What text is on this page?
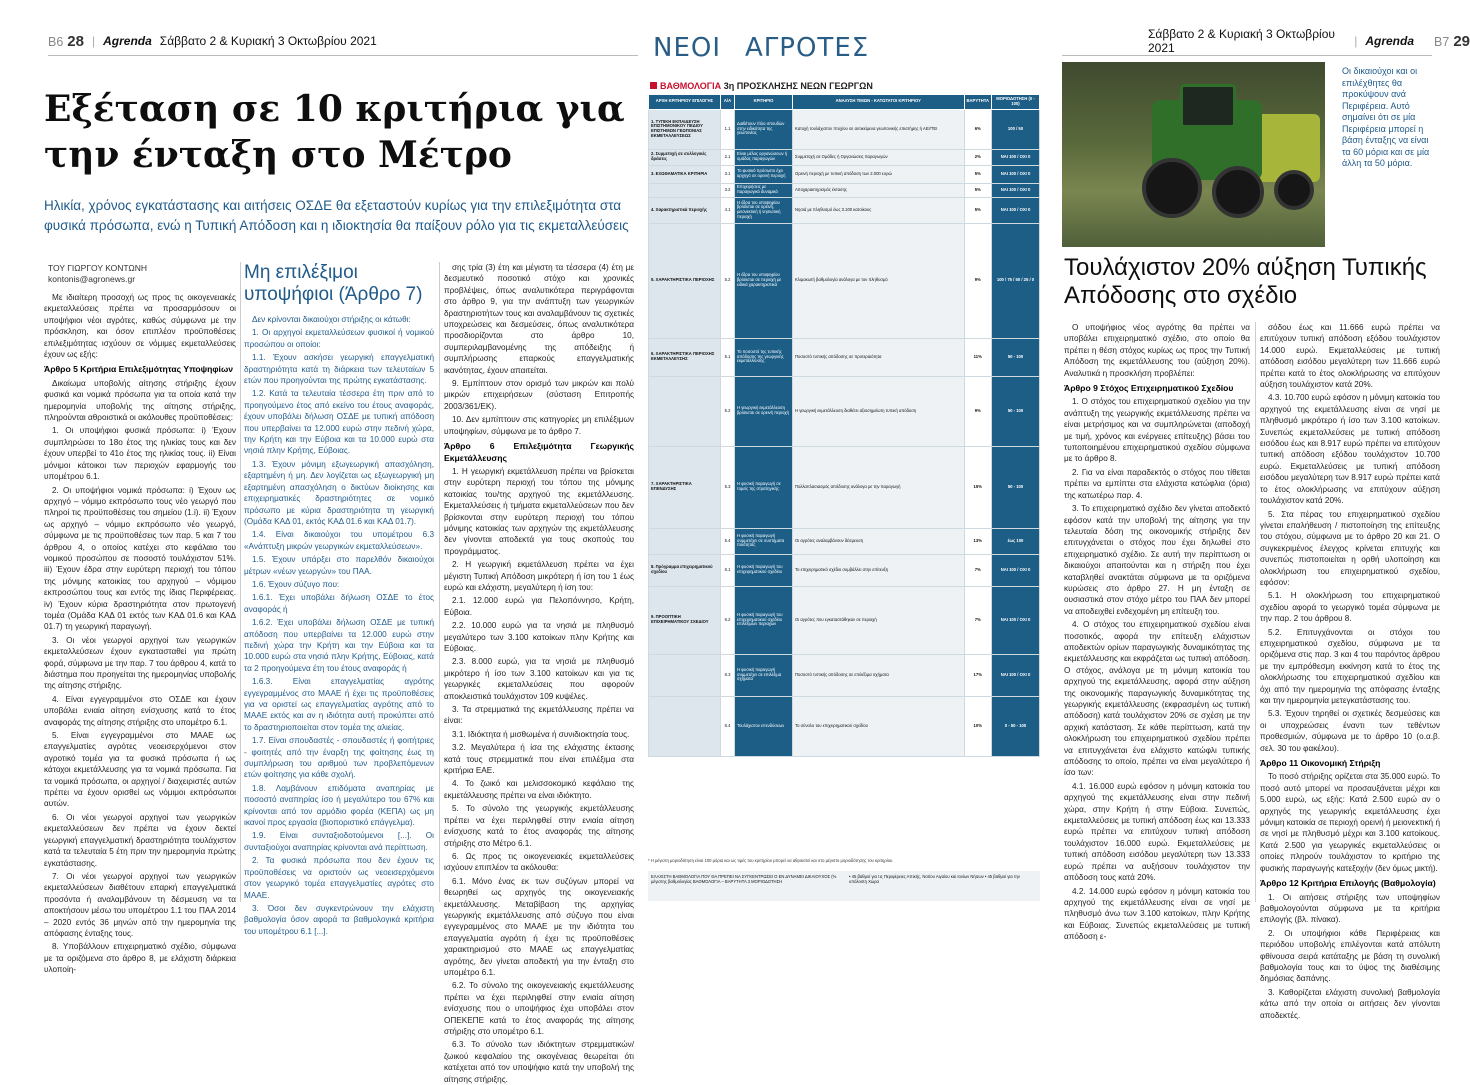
B6 28 | Agrenda Σάββατο 2 & Κυριακή 3 Οκτωβρίου 2021
Εξέταση σε 10 κριτήρια για την ένταξη στο Μέτρο
Ηλικία, χρόνος εγκατάστασης και αιτήσεις ΟΣΔΕ θα εξεταστούν κυρίως για την επιλεξιμότητα στα φυσικά πρόσωπα, ενώ η Τυπική Απόδοση και η ιδιοκτησία θα παίξουν ρόλο για τις εκμεταλλεύσεις
ΤΟΥ ΓΙΩΡΓΟΥ ΚΟΝΤΩΝΗ
kontonis@agronews.gr

Με ιδιαίτερη προσοχή ως προς τις οικογενειακές εκμεταλλεύσεις πρέπει να προσαρμόσουν οι υποψήφιοι νέοι αγρότες, καθώς σύμφωνα με την πρόσκληση, και όσον επιπλέον προϋποθέσεις επιλεξιμότητας ισχύουν σε νόμιμες εκμεταλλεύσεις έχουν ως εξής:

Άρθρο 5 Κριτήρια Επιλεξιμότητας Υποψηφίων

Δικαίωμα υποβολής αίτησης στήριξης έχουν φυσικά και νομικά πρόσωπα για τα οποία κατά την ημερομηνία υποβολής της αίτησης στήριξης, πληρούνται αθροιστικά οι ακόλουθες προϋποθέσεις:

1. Οι υποψήφιοι φυσικά πρόσωπα: i) Έχουν συμπληρώσει το 18ο έτος της ηλικίας τους και δεν έχουν υπερβεί το 41ο έτος της ηλικίας τους. ii) Είναι μόνιμοι κάτοικοι των περιοχών εφαρμογής του υπομέτρου 6.1.

2. Οι υποψήφιοι νομικά πρόσωπα: i) Έχουν ως αρχηγό – νόμιμο εκπρόσωπο τους νέο γεωργό που πληροί τις προϋποθέσεις του σημείου (1.i). ii) Έχουν ως αρχηγό – νόμιμο εκπρόσωπο νέο γεωργό, σύμφωνα με τις προϋποθέσεις των παρ. 5 και 7 του άρθρου 4, ο οποίος κατέχει στο κεφάλαιο του νομικού προσώπου σε ποσοστό τουλάχιστον 51%. iii) Έχουν έδρα στην ευρύτερη περιοχή του τόπου της μόνιμης κατοικίας του αρχηγού – νόμιμου εκπροσώπου τους και εντός της ίδιας Περιφέρειας. iv) Έχουν κύρια δραστηριότητα στον πρωτογενή τομέα (Ομάδα ΚΑΔ 01 εκτός των ΚΑΔ 01.6 και ΚΑΔ 01.7) τη γεωργική παραγωγή.

3. Οι νέοι γεωργοί αρχηγοί των γεωργικών εκμεταλλεύσεων έχουν εγκατασταθεί για πρώτη φορά, σύμφωνα με την παρ. 7 του άρθρου 4, κατά το διάστημα που προηγείται της ημερομηνίας υποβολής της αίτησης στήριξης.

4. Είναι εγγεγραμμένοι στο ΟΣΔΕ και έχουν υποβάλει ενιαία αίτηση ενίσχυσης κατά το έτος αναφοράς της αίτησης στήριξης στο υπομέτρο 6.1.

5. Είναι εγγεγραμμένοι στο ΜΑΑΕ ως επαγγελματίες αγρότες νεοεισερχόμενοι στον αγροτικό τομέα για τα φυσικά πρόσωπα ή ως κάτοχοι εκμετάλλευσης για τα νομικά πρόσωπα. Για τα νομικά πρόσωπα, οι αρχηγοί / διαχειριστές αυτών πρέπει να έχουν ορισθεί ως νόμιμοι εκπρόσωποι αυτών.

6. Οι νέοι γεωργοί αρχηγοί των γεωργικών εκμεταλλεύσεων δεν πρέπει να έχουν δεκτεί γεωργική επαγγελματική δραστηριότητα τουλάχιστον κατά τα τελευταία 5 έτη πριν την ημερομηνία πρώτης εγκατάστασης.

7. Οι νέοι γεωργοί αρχηγοί των γεωργικών εκμεταλλεύσεων διαθέτουν επαρκή επαγγελματικά προσόντα ή αναλαμβάνουν τη δέσμευση να τα αποκτήσουν μέσω του υπομέτρου 1.1 του ΠΑΑ 2014 – 2020 εντός 36 μηνών από την ημερομηνία της απόφασης ένταξης τους.

8. Υποβάλλουν επιχειρηματικό σχέδιο, σύμφωνα με τα οριζόμενα στο άρθρο 8, με ελάχιστη διάρκεια υλοποίη-

Μη επιλέξιμοι υποψήφιοι (Άρθρο 7)

Δεν κρίνονται δικαιούχοι στήριξης οι κάτωθι:

1. Οι αρχηγοί εκμεταλλεύσεων φυσικοί ή νομικού προσώπου οι οποίοι:

1.1. Έχουν ασκήσει γεωργική επαγγελματική δραστηριότητα κατά τη διάρκεια των τελευταίων 5 ετών που προηγούνται της πρώτης εγκατάστασης.

1.2. Κατά τα τελευταία τέσσερα έτη πριν από το προηγούμενο έτος από εκείνο του έτους αναφοράς, έχουν υποβάλει δήλωση ΟΣΔΕ με τυπική απόδοση που υπερβαίνει τα 12.000 ευρώ στην πεδινή χώρα, την Κρήτη και την Εύβοια και τα 10.000 ευρώ στα νησιά πλην Κρήτης, Εύβοιας.

1.3. Έχουν μόνιμη εξωγεωργική απασχόληση, εξαρτημένη ή μη. Δεν λογίζεται ως εξωγεωργική μη εξαρτημένη απασχόληση ο δικτύων διοίκησης και επιχειρηματικές δραστηριότητες σε νομικό πρόσωπο με κύρια δραστηριότητα τη γεωργική (Ομάδα ΚΑΔ 01, εκτός ΚΑΔ 01.6 και ΚΑΔ 01.7).

1.4. Είναι δικαιούχοι του υπομέτρου 6.3 «Ανάπτυξη μικρών γεωργικών εκμεταλλεύσεων».

1.5. Έχουν υπάρξει στο παρελθόν δικαιούχοι μέτρων «νέων γεωργών» του ΠΑΑ.

1.6. Έχουν σύζυγο που:

1.6.1. Έχει υποβάλει δήλωση ΟΣΔΕ το έτος αναφοράς ή

1.6.2. Έχει υποβάλει δήλωση ΟΣΔΕ με τυπική απόδοση που υπερβαίνει τα 12.000 ευρώ στην πεδινή χώρα την Κρήτη και την Εύβοια και τα 10.000 ευρώ στα νησιά πλην Κρήτης, Εύβοιας, κατά τα 2 προηγούμενα έτη του έτους αναφοράς ή

1.6.3. Είναι επαγγελματίας αγρότης εγγεγραμμένος στο ΜΑΑΕ ή έχει τις προϋποθέσεις για να οριστεί ως επαγγελματίας αγρότης από το ΜΑΑΕ εκτός και αν η ιδιότητα αυτή προκύπτει από το δραστηριοποιείται στον τομέα της αλιείας.

1.7. Είναι σπουδαστές - σπουδαστές ή φοιτήτριες - φοιτητές από την έναρξη της φοίτησης έως τη συμπλήρωση του αριθμού των προβλεπόμενων ετών φοίτησης για κάθε σχολή.

1.8. Λαμβάνουν επιδόματα αναπηρίας με ποσοστό αναπηρίας ίσο ή μεγαλύτερο του 67% και κρίνονται από τον αρμόδιο φορέα (ΚΕΠΑ) ως μη ικανοί προς εργασία (βιοποριστικό επάγγελμα).

1.9. Είναι συνταξιοδοτούμενοι [...]. Οι συνταξιούχοι αναπηρίας κρίνονται ανά περίπτωση.

2. Τα φυσικά πρόσωπα που δεν έχουν τις προϋποθέσεις να οριστούν ως νεοεισερχόμενοι στον γεωργικό τομέα επαγγελματίες αγρότες στο ΜΑΑΕ.

3. Όσοι δεν συγκεντρώνουν την ελάχιστη βαθμολογία όσον αφορά τα βαθμολογικά κριτήρια του υπομέτρου 6.1 [...].

σης τρία (3) έτη και μέγιστη τα τέσσερα (4) έτη με δεσμευτικό ποσοτικό στόχο και χρονικές προβλέψεις, όπως αναλυτικότερα περιγράφονται στο άρθρο 9, για την ανάπτυξη των γεωργικών δραστηριοτήτων τους και αναλαμβάνουν τις σχετικές υποχρεώσεις και δεσμεύσεις, όπως αναλυτικότερα προσδιορίζονται στο άρθρο 10, συμπεριλαμβανομένης της απόδειξης ή συμπλήρωσης επαρκούς επαγγελματικής ικανότητας, έχουν απαιτείται.

9. Εμπίπτουν στον ορισμό των μικρών και πολύ μικρών επιχειρήσεων (σύσταση Επιτροπής 2003/361/ΕΚ).

10. Δεν εμπίπτουν στις κατηγορίες μη επιλέξιμων υποψηφίων, σύμφωνα με το άρθρο 7.

Άρθρο 6 Επιλεξιμότητα Γεωργικής Εκμετάλλευσης

1. Η γεωργική εκμετάλλευση πρέπει να βρίσκεται στην ευρύτερη περιοχή του τόπου της μόνιμης κατοικίας του/της αρχηγού της εκμετάλλευσης. Εκμεταλλεύσεις ή τμήματα εκμεταλλεύσεων που δεν βρίσκονται στην ευρύτερη περιοχή του τόπου μόνιμης κατοικίας των αρχηγών της εκμετάλλευσης δεν γίνονται αποδεκτά για τους σκοπούς του προγράμματος.

2. Η γεωργική εκμετάλλευση πρέπει να έχει μέγιστη Τυπική Απόδοση μικρότερη ή ίση του 1 έως ευρώ και ελάχιστη, μεγαλύτερη ή ίση του:

2.1. 12.000 ευρώ για Πελοπόννησο, Κρήτη, Εύβοια.

2.2. 10.000 ευρώ για τα νησιά με πληθυσμό μεγαλύτερο των 3.100 κατοίκων πλην Κρήτης και Εύβοιας.

2.3. 8.000 ευρώ, για τα νησιά με πληθυσμό μικρότερο ή ίσο των 3.100 κατοίκων και για τις γεωργικές εκμεταλλεύσεις που αφορούν αποκλειστικά τουλάχιστον 109 κυψέλες.

3. Τα στρεμματικά της εκμετάλλευσης πρέπει να είναι:

3.1. Ιδιόκτητα ή μισθωμένα ή συνιδιοκτησία τους.

3.2. Μεγαλύτερα ή ίσα της ελάχιστης έκτασης κατά τους στρεμματικά που είναι επιλέξιμα στα κριτήρια ΕΑΕ.

4. Το ζωικό και μελισσοκομικό κεφάλαιο της εκμετάλλευσης πρέπει να είναι ιδιόκτητο.

5. Το σύνολο της γεωργικής εκμετάλλευσης πρέπει να έχει περιληφθεί στην ενιαία αίτηση ενίσχυσης κατά το έτος αναφοράς της αίτησης στήριξης στο Μέτρο 6.1.

6. Ως προς τις οικογενειακές εκμεταλλεύσεις ισχύουν επιπλέον τα ακόλουθα:

6.1. Μόνο ένας εκ των συζύγων μπορεί να θεωρηθεί ως αρχηγός της οικογενειακής εκμετάλλευσης. Μεταβίβαση της αρχηγίας γεωργικής εκμετάλλευσης από σύζυγο που είναι εγγεγραμμένος στο ΜΑΑΕ με την ιδιότητα του επαγγελματία αγρότη ή έχει τις προϋποθέσεις χαρακτηρισμού στο ΜΑΑΕ ως επαγγελματίας αγρότης, δεν γίνεται αποδεκτή για την ένταξη στο υπομέτρο 6.1.

6.2. Το σύνολο της οικογενειακής εκμετάλλευσης πρέπει να έχει περιληφθεί στην ενιαία αίτηση ενίσχυσης που ο υποψήφιος έχει υποβάλει στον ΟΠΕΚΕΠΕ κατά το έτος αναφοράς της αίτησης στήριξης στο υπομέτρο 6.1.

6.3. Το σύνολο των ιδιόκτητων στρεμματικών/ζωικού κεφαλαίου της οικογένειας θεωρείται ότι κατέχεται από τον υποψήφιο κατά την υποβολή της αίτησης στήριξης.

ΝΕΟΙ ΑΓΡΟΤΕΣ
ΒΑΘΜΟΛΟΓΙΑ 3η ΠΡΟΣΚΛΗΣΗΣ ΝΕΩΝ ΓΕΩΡΓΩΝ
ΑΡΧΗ ΚΡΙΤΗΡΙΟΥ ΕΠΙΛΟΓΗΣ	Α/Α	ΚΡΙΤΗΡΙΟ	ΑΝΑΛΥΣΗ ΤΙΜΩΝ - ΚΑΤΩΤΑΤΟΙ ΚΡΙΤΗΡΙΟΥ	ΒΑΡΥΤΗΤΑ	ΜΟΡΙΟΔΟΤΗΣΗ (0 - 100)
1. ΤΥΠΙΚΗ ΕΚΠΑΙΔΕΥΣΗ ΕΠΙΣΤΗΜΟΝΙΚΟΥ ΠΕΔΙΟΥ ΕΠΙΣΤΗΜΩΝ ΓΕΩΠΟΝΙΑΣ ΕΚΜΕΤΑΛΛΕΥΣΕΩΣ	1.1	Διαθέτουν τίτλο σπουδών στην ειδικότητα της γεωπονίας	Κατοχή τουλάχιστον πτυχίου σε αντικείμενα γεωπονικής επιστήμης ή ΑΕΙ/ΤΕΙ	6%	100 / 50
2. Συμμετοχή σε συλλογικές δράσεις	2.1	Είναι μέλος οργανώσεων ή ομάδας παραγωγών	Συμμετοχή σε Ομάδες ή Οργανώσεις παραγωγών	2%	ΝΑΙ 100 / ΟΧΙ 0
3. ΕΞΩΘΑΜΑΤΙΚΑ ΚΡΙΤΗΡΙΑ	3.1	Το φυσικό πρόσωπο έχει αρχηγό σε ορεινή περιοχή	Ορεινή περιοχή με τυπική απόδοση των 2.000 ευρώ	5%	ΝΑΙ 100 / ΟΧΙ 0
	3.2	Επιχειρήσεις με παραγωγικό δυναμικό	Αποχαρακτηρισμός έκτασης	5%	ΝΑΙ 100 / ΟΧΙ 0
4. Χαρακτηριστικά περιοχής	4.1	Η έδρα του υποψηφίου βρίσκεται σε ορεινή, μειονεκτική ή νησιωτική περιοχή	Νησιά με πληθυσμό έως 3.100 κατοίκους	5%	ΝΑΙ 100 / ΟΧΙ 0
5. ΧΑΡΑΚΤΗΡΙΣΤΙΚΑ ΠΕΡΙΟΧΗΣ	5.2	Η έδρα του υποψηφίου βρίσκεται σε περιοχή με ειδικά χαρακτηριστικά	Κλιμακωτή βαθμολογία ανάλογα με τον πληθυσμό	9%	100 / 75 / 50 / 25 / 0
6. ΧΑΡΑΚΤΗΡΙΣΤΙΚΑ ΠΕΡΙΟΧΗΣ ΕΚΜΕΤΑΛΛΕΥΣΗΣ	5.1	Το ποσοστό της τυπικής απόδοσης της γεωργικής εκμετάλλευσης	Ποσοστό τυπικής απόδοσης σε προτεραιότητα	11%	50 - 100
	5.2	Η γεωργική εκμετάλλευση βρίσκεται σε ορεινή περιοχή	Η γεωργική εκμετάλλευση διαθέτει αξιοσημείωτη τυπική απόδοση	9%	50 - 100
7. ΧΑΡΑΚΤΗΡΙΣΤΙΚΑ ΕΠΕΝΔΥΣΗΣ	5.3	Η φυσική παραγωγή σε τομείς της στρατηγικής	Πολλαπλασιασμός απόδοσης ανάλογα με την παραγωγή	15%	50 - 100
	5.4	Η φυσική παραγωγή συμμετέχει σε συστήματα ποιότητας	Οι αγρότες αναλαμβάνουν δέσμευση	13%	έως 100
8. Πρόγραμμα επιχειρηματικού σχεδίου	6.1	Η φυσική παραγωγή του επιχειρηματικού σχεδίου	Το επιχειρηματικό σχέδιο συμβάλλει στην επίτευξη	7%	ΝΑΙ 100 / ΟΧΙ 0
9. ΠΡΟΟΠΤΙΚΗ ΕΠΙΧΕΙΡΗΜΑΤΙΚΟΥ ΣΧΕΔΙΟΥ	6.2	Η φυσική παραγωγή του επιχειρηματικού σχεδίου επιλέξιμων περιοχών	Οι αγρότες που εγκαταστάθηκαν σε περιοχή	7%	ΝΑΙ 100 / ΟΧΙ 0
	6.3	Η φυσική παραγωγή συμμετέχει σε επιλέξιμα σχήματα	Ποσοστό τυπικής απόδοσης σε επιλέξιμα σχήματα	17%	ΝΑΙ 100 / ΟΧΙ 0
	6.4	Τουλάχιστον επενδύσεων	Το σύνολο του επιχειρηματικού σχεδίου	10%	0 - 50 - 100
* Η μέγιστη μοριοδότηση είναι 100 μόρια και ως τιμές του κριτηρίου μπορεί να αθροιστεί και στο μέγιστο μοριοδότησης του κριτηρίου.
ΕΛΑΧΙΣΤΗ ΒΑΘΜΟΛΟΓΙΑ ΠΟΥ ΘΑ ΠΡΕΠΕΙ ΝΑ ΣΥΓΚΕΝΤΡΩΣΕΙ Ο ΕΝ ΔΥΝΑΜΕΙ ΔΙΚΑΙΟΥΧΟΣ (% μέγιστης βαθμολογίας ΒΑΘΜΟΛΟΓΙΑ – ΒΑΡΥΤΗΤΑ 3 ΜΟΡΙΟΔΟΤΗΣΗ
• 45 βαθμοί για τις Περιφέρειες Αττικής, Νοτίου Αιγαίου και Ιονίων Νήσων • 45 βαθμοί για την υπόλοιπη Χώρα
Σάββατο 2 & Κυριακή 3 Οκτωβρίου 2021	| Agrenda B7 29
Οι δικαιούχοι και οι επιλέχθητες θα προκύψουν ανά Περιφέρεια. Αυτό σημαίνει ότι σε μία Περιφέρεια μπορεί η βάση ένταξης να είναι τα 60 μόρια και σε μία άλλη τα 50 μόρια.
Τουλάχιστον 20% αύξηση Τυπικής Απόδοσης στο σχέδιο

Ο υποψήφιος νέος αγρότης θα πρέπει να υποβάλει επιχειρηματικό σχέδιο, στο οποίο θα πρέπει η θέση στόχος κυρίως ως προς την Τυπική Απόδοση της εκμετάλλευσης του (αύξηση 20%). Αναλυτικά η προσκλήση προβλέπει:

Άρθρο 9 Στόχος Επιχειρηματικού Σχεδίου

1. Ο στόχος του επιχειρηματικού σχεδίου για την ανάπτυξη της γεωργικής εκμετάλλευσης πρέπει να είναι μετρήσιμος και να συμπληρώνεται (αποδοχή με τιμή, χρόνος και ενέργειες επίτευξης) βάσει του τυποποιημένου επιχειρηματικού σχεδίου σύμφωνα με το άρθρο 8.

2. Για να είναι παραδεκτός ο στόχος που τίθεται πρέπει να εμπίπτει στα ελάχιστα κατώφλια (όρια) της κατωτέρω παρ. 4.

3. Το επιχειρηματικό σχέδιο δεν γίνεται αποδεκτό εφόσον κατά την υποβολή της αίτησης για την τελευταία δόση της οικονομικής στήριξης δεν επιτυγχάνεται ο στόχος που έχει δηλωθεί στο επιχειρηματικό σχέδιο. Σε αυτή την περίπτωση οι δικαιούχοι απαιτούνται και η στήριξη που έχει καταβληθεί ανακτάται σύμφωνα με τα οριζόμενα κυρώσεις στο άρθρο 27. Η μη ένταξη σε ουσιαστικά στον στόχο μέτρο του ΠΑΑ δεν μπορεί να αποδειχθεί ενδεχομένη μη επίτευξη του.

4. Ο στόχος του επιχειρηματικού σχεδίου είναι ποσοτικός, αφορά την επίτευξη ελάχιστων αποδεκτών ορίων παραγωγικής δυναμικότητας της εκμετάλλευσης και εκφράζεται ως τυπική απόδοση. Ο στόχος, ανάλογα με τη μόνιμη κατοικία του αρχηγού της εκμετάλλευσης, αφορά στην αύξηση της οικονομικής παραγωγικής δυναμικότητας της γεωργικής εκμετάλλευσης (εκφρασμένη ως τυπική απόδοση) κατά τουλάχιστον 20% σε σχέση με την αρχική κατάσταση. Σε κάθε περίπτωση, κατά την ολοκλήρωση του επιχειρηματικού σχεδίου πρέπει να επιτυγχάνεται ένα ελάχιστο κατώφλι τυπικής απόδοσης το οποίο, πρέπει να είναι μεγαλύτερο ή ίσο των:

4.1. 16.000 ευρώ εφόσον η μόνιμη κατοικία του αρχηγού της εκμετάλλευσης είναι στην πεδινή χώρα, στην Κρήτη ή στην Εύβοια. Συνεπώς, εκμεταλλεύσεις με τυπική απόδοση έως και 13.333 ευρώ πρέπει να επιτύχουν τυπική απόδοση τουλάχιστον 16.000 ευρώ. Εκμεταλλεύσεις με τυπική απόδοση εισόδου μεγαλύτερη των 13.333 ευρώ πρέπει να αυξήσουν τουλάχιστον την απόδοση τους κατά 20%.

4.2. 14.000 ευρώ εφόσον η μόνιμη κατοικία του αρχηγού της εκμετάλλευσης είναι σε νησί με πληθυσμό άνω των 3.100 κατοίκων, πλην Κρήτης και Εύβοιας. Συνεπώς εκμεταλλεύσεις με τυπική απόδοση ε-

σόδου έως και 11.666 ευρώ πρέπει να επιτύχουν τυπική απόδοση εξόδου τουλάχιστον 14.000 ευρώ. Εκμεταλλεύσεις με τυπική απόδοση εισόδου μεγαλύτερη των 11.666 ευρώ πρέπει κατά το έτος ολοκλήρωσης να επιτύχουν αύξηση τουλάχιστον κατά 20%.

4.3. 10.700 ευρώ εφόσον η μόνιμη κατοικία του αρχηγού της εκμετάλλευσης είναι σε νησί με πληθυσμό μικρότερο ή ίσο των 3.100 κατοίκων. Συνεπώς εκμεταλλεύσεις με τυπική απόδοση εισόδου έως και 8.917 ευρώ πρέπει να επιτύχουν τυπική απόδοση εξόδου τουλάχιστον 10.700 ευρώ. Εκμεταλλεύσεις με τυπική απόδοση εισόδου μεγαλύτερη των 8.917 ευρώ πρέπει κατά το έτος ολοκλήρωσης να επιτύχουν αύξηση τουλάχιστον κατά 20%.

5. Στα πέρας του επιχειρηματικού σχεδίου γίνεται επαλήθευση / πιστοποίηση της επίτευξης του στόχου, σύμφωνα με το άρθρο 20 και 21. Ο συγκεκριμένος έλεγχος κρίνεται επιτυχής και συνεπώς πιστοποιείται η ορθή υλοποίηση και ολοκλήρωση του επιχειρηματικού σχεδίου, εφόσον:

5.1. Η ολοκλήρωση του επιχειρηματικού σχεδίου αφορά το γεωργικό τομέα σύμφωνα με την παρ. 2 του άρθρου 8.

5.2. Επιτυγχάνονται οι στόχοι του επιχειρηματικού σχεδίου, σύμφωνα με τα οριζόμενα στις παρ. 3 και 4 του παρόντος άρθρου με την εμπρόθεσμη εκκίνηση κατά το έτος της ολοκλήρωσης του επιχειρηματικού σχεδίου και όχι από την ημερομηνία της απόφασης ένταξης και την ημερομηνία μετεγκατάστασης του.

5.3. Έχουν τηρηθεί οι σχετικές δεσμεύσεις και οι υποχρεώσεις έναντι των τεθέντων προθεσμιών, σύμφωνα με το άρθρο 10 (ο.α.β. σελ. 30 του φακέλου).

Άρθρο 11 Οικονομική Στήριξη

Το ποσό στήριξης ορίζεται στα 35.000 ευρώ. Το ποσό αυτό μπορεί να προσαυξάνεται μέχρι και 5.000 ευρώ, ως εξής: Κατά 2.500 ευρώ αν ο αρχηγός της γεωργικής εκμετάλλευσης έχει μόνιμη κατοικία σε περιοχή ορεινή ή μειονεκτική ή σε νησί με πληθυσμό μέχρι και 3.100 κατοίκους. Κατά 2.500 για γεωργικές εκμεταλλεύσεις οι οποίες πληρούν τουλάχιστον το κριτήριο της φυσικής παραγωγής κατεξοχήν (δεν όμως μικτή).

Άρθρο 12 Κριτήρια Επιλογής (Βαθμολογία)

1. Οι αιτήσεις στήριξης των υποψηφίων βαθμολογούνται σύμφωνα με τα κριτήρια επιλογής (βλ. πίνακα).

2. Οι υποψήφιοι κάθε Περιφέρειας και περιόδου υποβολής επιλέγονται κατά απόλυτη φθίνουσα σειρά κατάταξης με βάση τη συνολική βαθμολογία τους και το ύψος της διαθέσιμης δημόσιας δαπάνης.

3. Καθορίζεται ελάχιστη συνολική βαθμολογία κάτω από την οποία οι αιτήσεις δεν γίνονται αποδεκτές.
